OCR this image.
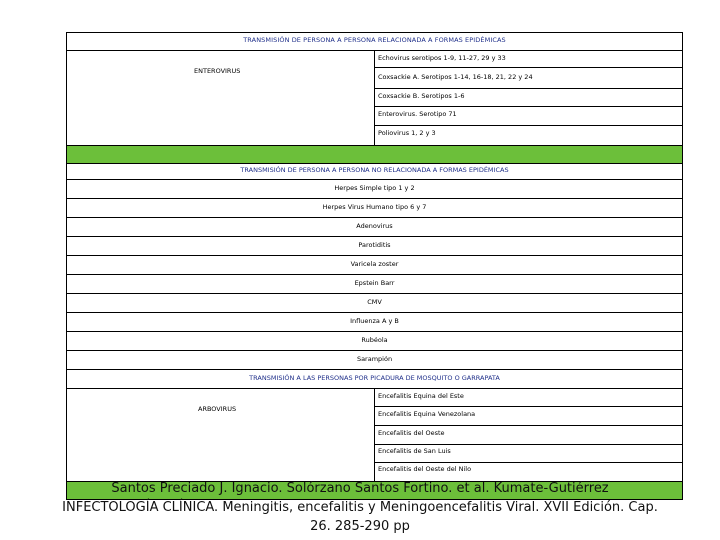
TRANSMISIÓN DE PERSONA A PERSONA RELACIONADA A FORMAS EPIDÉMICAS
ENTEROVIRUS
Echovirus serotipos 1-9, 11-27, 29 y 33
Coxsackie A. Serotipos 1-14, 16-18, 21, 22 y 24
Coxsackie B. Serotipos 1-6
Enterovirus. Serotipo 71
Poliovirus 1, 2 y 3
TRANSMISIÓN DE PERSONA A PERSONA NO RELACIONADA A FORMAS EPIDÉMICAS
Herpes Simple tipo 1 y 2
Herpes Virus Humano tipo 6 y 7
Adenovirus
Parotiditis
Varicela zoster
Epstein Barr
CMV
Influenza A y B
Rubéola
Sarampión
TRANSMISIÓN A LAS PERSONAS POR PICADURA DE MOSQUITO O GARRAPATA
ARBOVIRUS
Encefalitis Equina del Este
Encefalitis Equina Venezolana
Encefalitis del Oeste
Encefalitis de San Luis
Encefalitis del Oeste del Nilo
Santos Preciado J. Ignacio. Solórzano Santos Fortino. et al. Kumate-Gutiérrez
INFECTOLOGÍA CLÍNICA. Meningitis, encefalitis y Meningoencefalitis Viral. XVII Edición. Cap.
26. 285-290 pp
